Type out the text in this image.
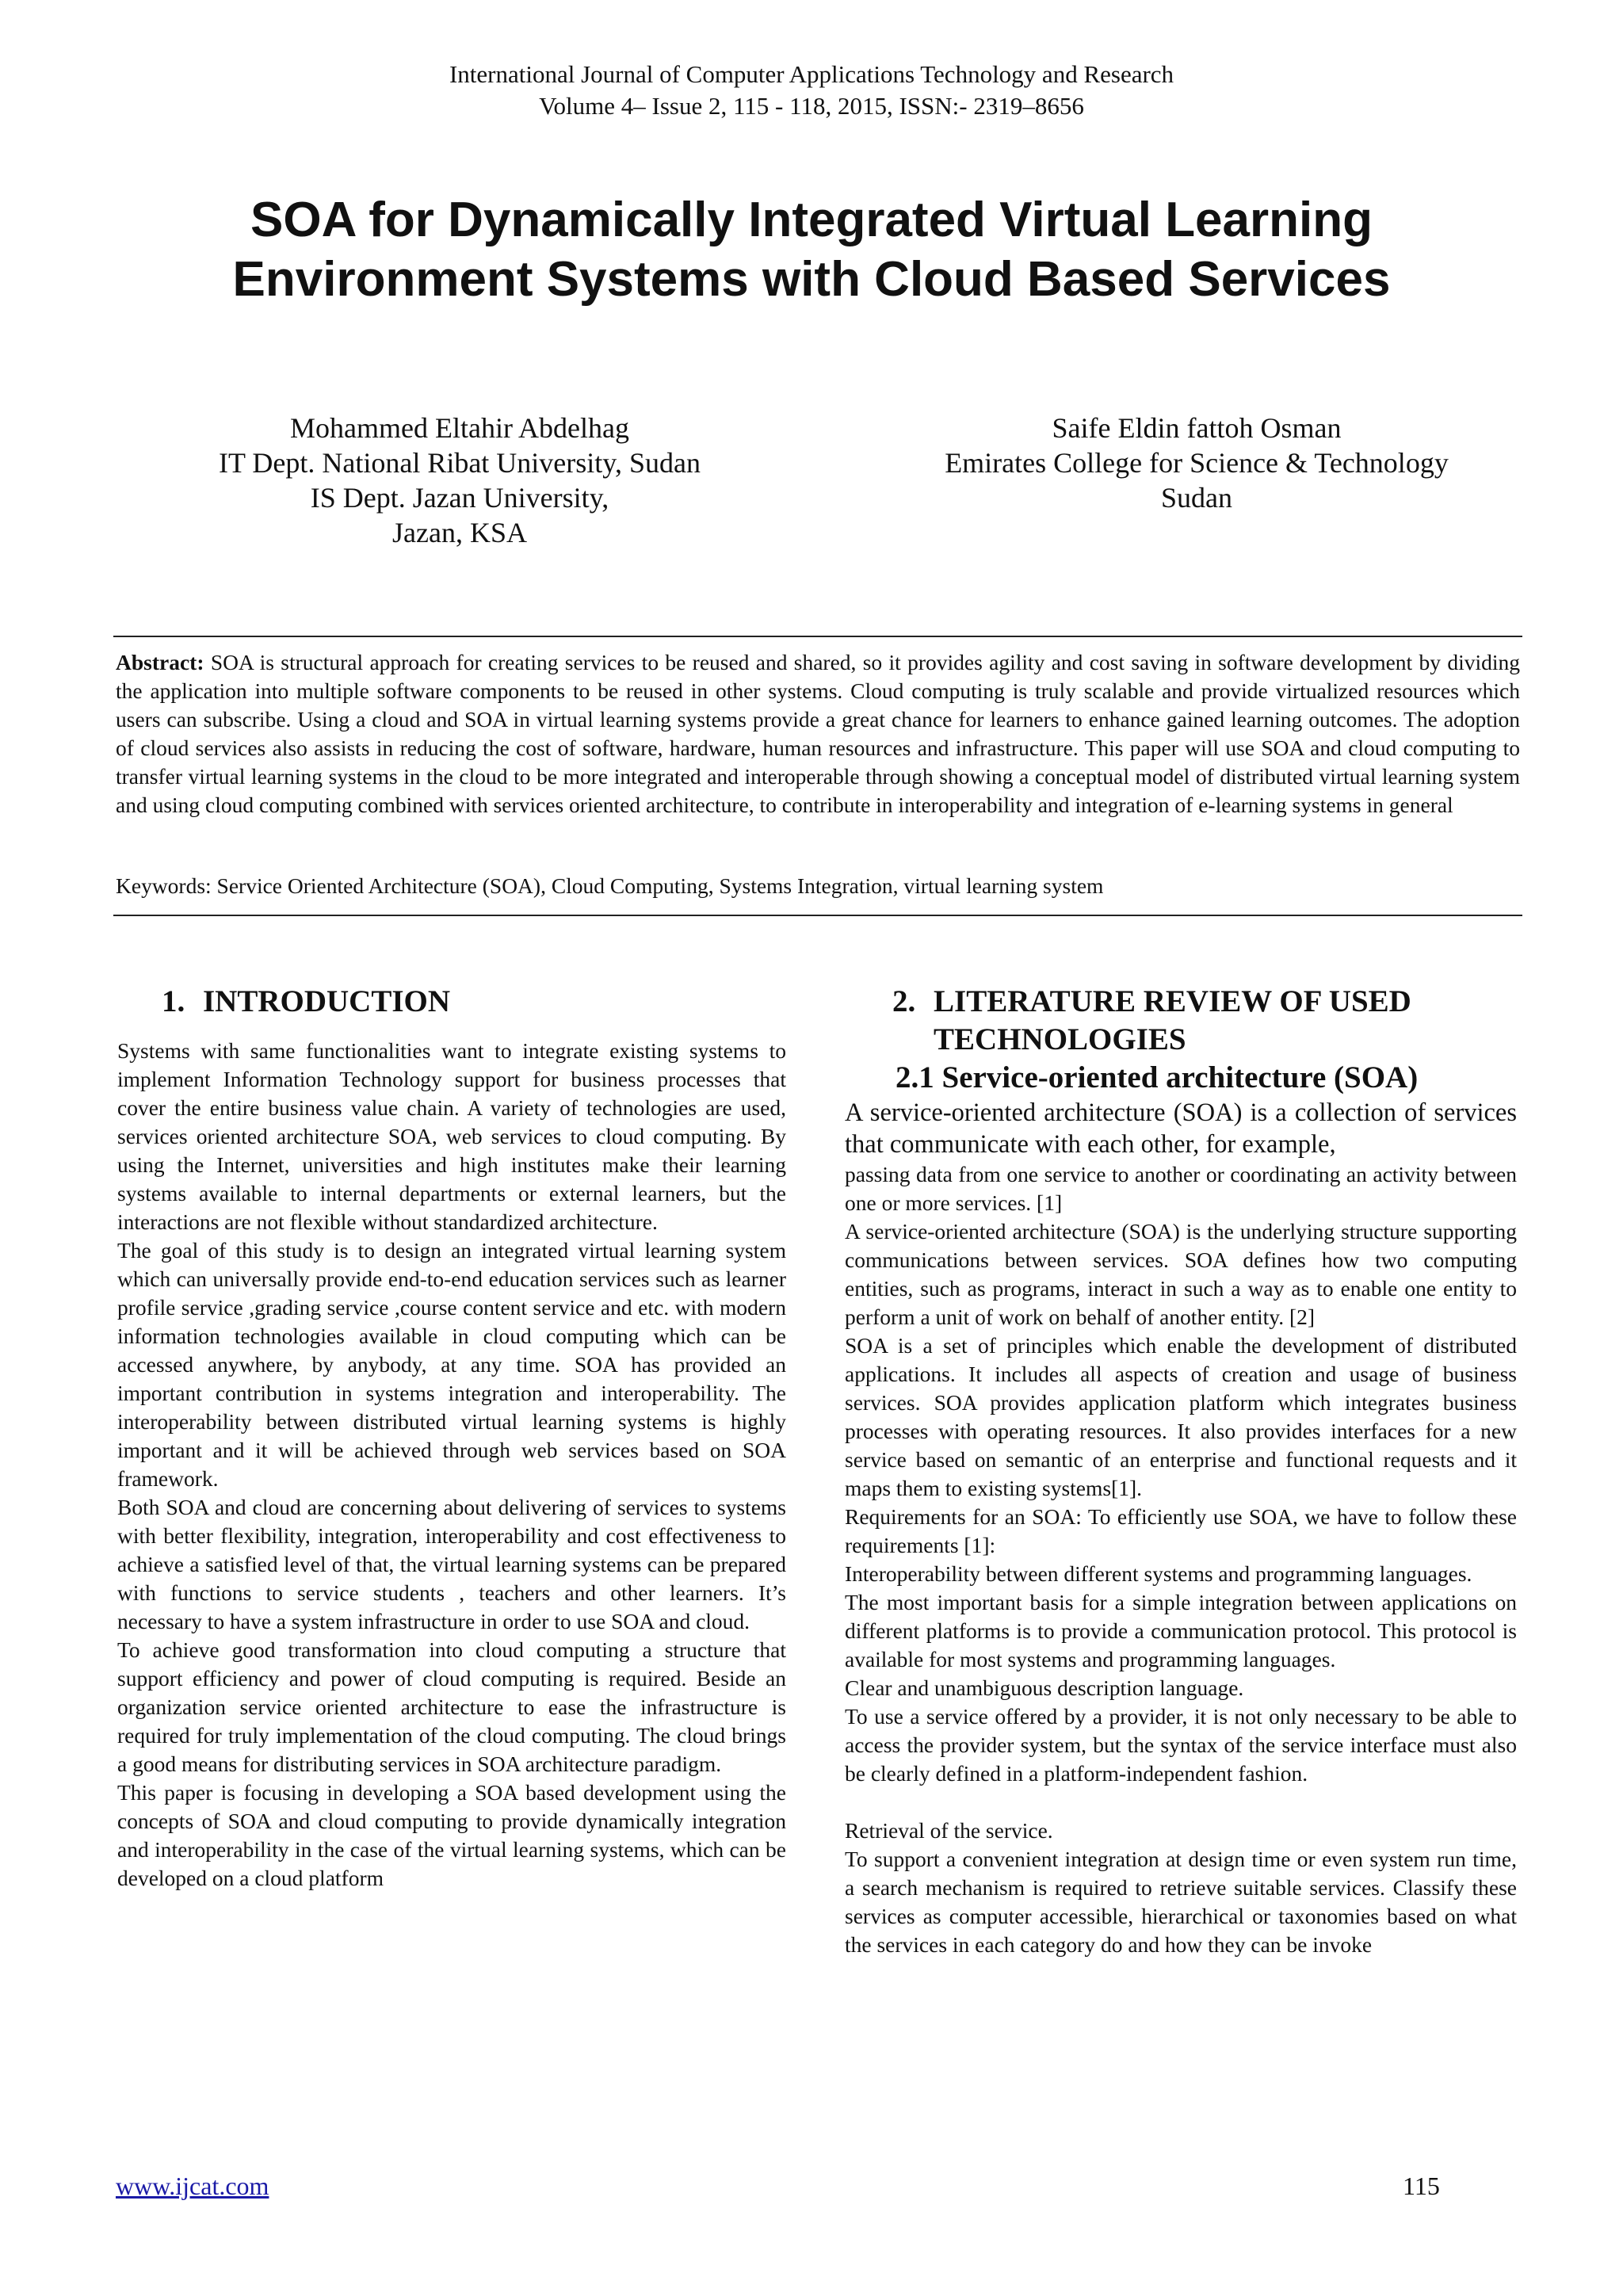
International Journal of Computer Applications Technology and Research
Volume 4– Issue 2, 115 - 118, 2015, ISSN:- 2319–8656
SOA for Dynamically Integrated Virtual Learning
Environment Systems with Cloud Based Services
Mohammed Eltahir Abdelhag
IT Dept. National Ribat University, Sudan
IS Dept. Jazan University,
Jazan, KSA
Saife Eldin fattoh Osman
Emirates College for Science & Technology
Sudan
Abstract: SOA is structural approach for creating services to be reused and shared, so it provides agility and cost saving in software development by dividing the application into multiple software components to be reused in other systems. Cloud computing is truly scalable and provide virtualized resources which users can subscribe. Using a cloud and SOA in virtual learning systems provide a great chance for learners to enhance gained learning outcomes. The adoption of cloud services also assists in reducing the cost of software, hardware, human resources and infrastructure. This paper will use SOA and cloud computing to transfer virtual learning systems in the cloud to be more integrated and interoperable through showing a conceptual model of distributed virtual learning system and using cloud computing combined with services oriented architecture, to contribute in interoperability and integration of e-learning systems in general
Keywords: Service Oriented Architecture (SOA), Cloud Computing, Systems Integration, virtual learning system
1. INTRODUCTION

Systems with same functionalities want to integrate existing systems to implement Information Technology support for business processes that cover the entire business value chain. A variety of technologies are used, services oriented architecture SOA, web services to cloud computing. By using the Internet, universities and high institutes make their learning systems available to internal departments or external learners, but the interactions are not flexible without standardized architecture.

The goal of this study is to design an integrated virtual learning system which can universally provide end-to-end education services such as learner profile service ,grading service ,course content service and etc. with modern information technologies available in cloud computing which can be accessed anywhere, by anybody, at any time. SOA has provided an important contribution in systems integration and interoperability. The interoperability between distributed virtual learning systems is highly important and it will be achieved through web services based on SOA framework.

Both SOA and cloud are concerning about delivering of services to systems with better flexibility, integration, interoperability and cost effectiveness to achieve a satisfied level of that, the virtual learning systems can be prepared with functions to service students , teachers and other learners. It’s necessary to have a system infrastructure in order to use SOA and cloud.

To achieve good transformation into cloud computing a structure that support efficiency and power of cloud computing is required. Beside an organization service oriented architecture to ease the infrastructure is required for truly implementation of the cloud computing. The cloud brings a good means for distributing services in SOA architecture paradigm.

This paper is focusing in developing a SOA based development using the concepts of SOA and cloud computing to provide dynamically integration and interoperability in the case of the virtual learning systems, which can be developed on a cloud platform

2. LITERATURE REVIEW OF USED
TECHNOLOGIES
2.1 Service-oriented architecture (SOA)

A service-oriented architecture (SOA) is a collection of services that communicate with each other, for example,

passing data from one service to another or coordinating an activity between one or more services. [1]

A service-oriented architecture (SOA) is the underlying structure supporting communications between services. SOA defines how two computing entities, such as programs, interact in such a way as to enable one entity to perform a unit of work on behalf of another entity. [2]

SOA is a set of principles which enable the development of distributed applications. It includes all aspects of creation and usage of business services. SOA provides application platform which integrates business processes with operating resources. It also provides interfaces for a new service based on semantic of an enterprise and functional requests and it maps them to existing systems[1].

Requirements for an SOA: To efficiently use SOA, we have to follow these requirements [1]:

Interoperability between different systems and programming languages.

The most important basis for a simple integration between applications on different platforms is to provide a communication protocol. This protocol is available for most systems and programming languages.

Clear and unambiguous description language.

To use a service offered by a provider, it is not only necessary to be able to access the provider system, but the syntax of the service interface must also be clearly defined in a platform-independent fashion.

Retrieval of the service.

To support a convenient integration at design time or even system run time, a search mechanism is required to retrieve suitable services. Classify these services as computer accessible, hierarchical or taxonomies based on what the services in each category do and how they can be invoke

www.ijcat.com	115
